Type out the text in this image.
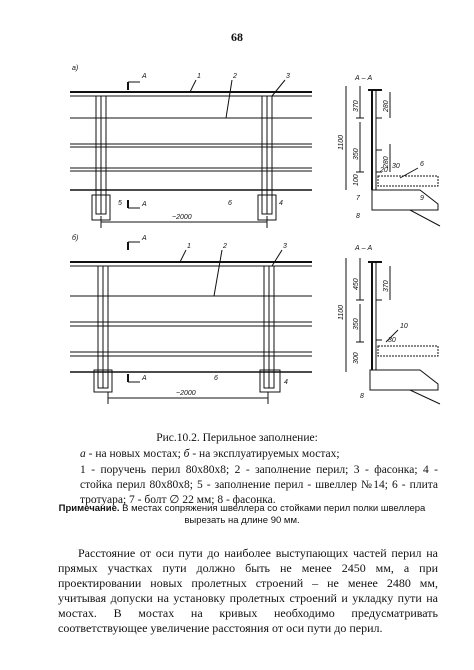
68
а)
б)
А – А
А – А
А
А
А
А
~2000
~2000
1	2	3
4
5	6
6
7
8
1	2	3
4
6
10
8
1100
370	280
350
280 30
100
20
1100
450	370
350
300
30
9
Рис.10.2. Перильное заполнение:
а - на новых мостах; б - на эксплуатируемых мостах;
1 - поручень перил 80х80х8; 2 - заполнение перил; 3 - фасонка; 4 - стойка перил 80х80х8; 5 - заполнение перил - швеллер №14; 6 - плита тротуара; 7 - болт ∅ 22 мм; 8 - фасонка.
Примечание. В местах сопряжения швеллера со стойками перил полки швеллера вырезать на длине 90 мм.
Расстояние от оси пути до наиболее выступающих частей перил на прямых участках пути должно быть не менее 2450 мм, а при проектировании новых пролетных строений – не менее 2480 мм, учитывая допуски на установку пролетных строений и укладку пути на мостах. В мостах на кривых необходимо предусматривать соответствующее увеличение расстояния от оси пути до перил.
